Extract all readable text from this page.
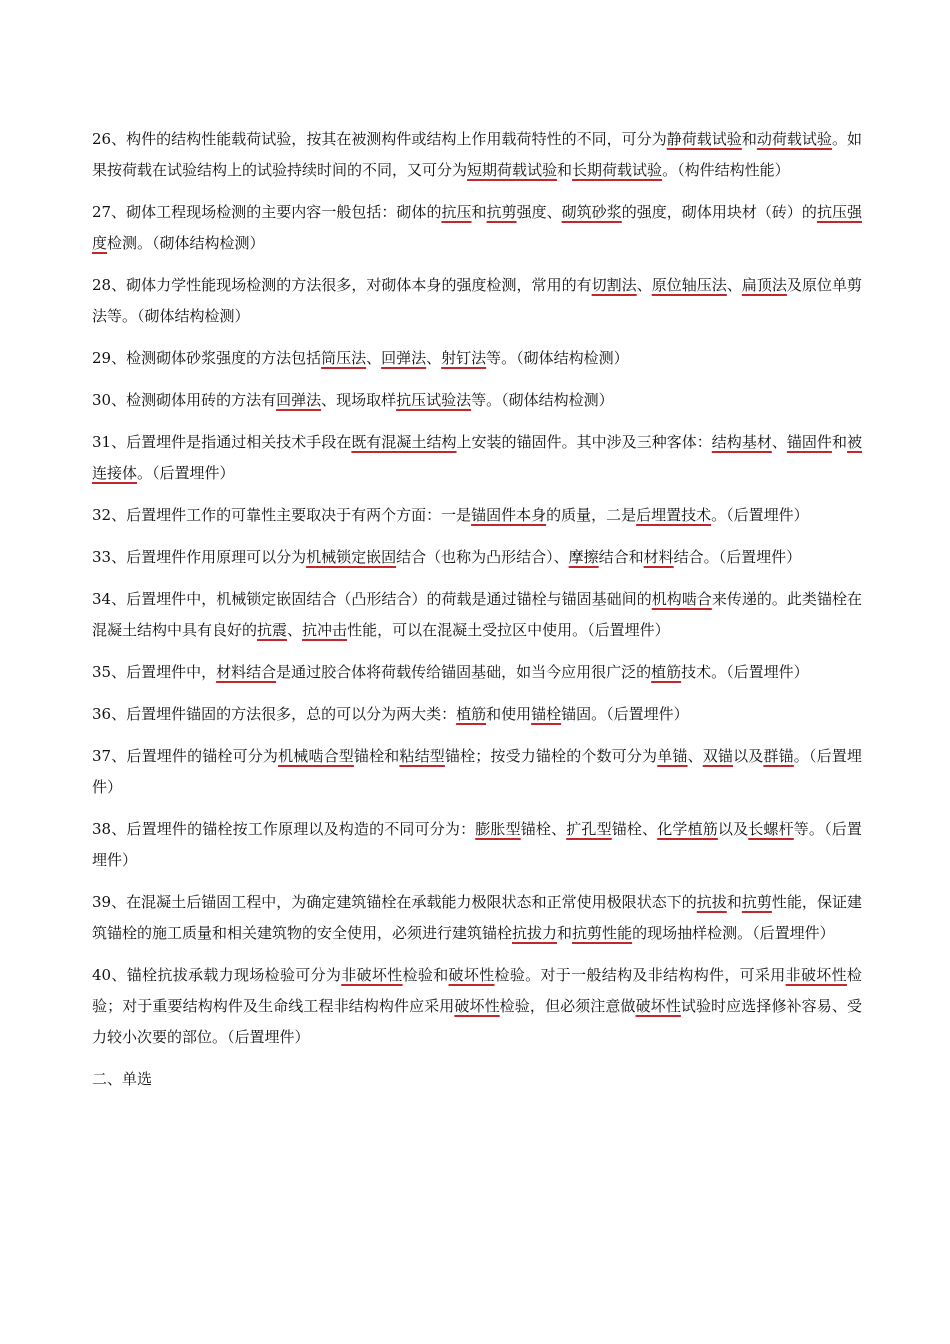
26、构件的结构性能载荷试验，按其在被测构件或结构上作用载荷特性的不同，可分为静荷载试验和动荷载试验。如果按荷载在试验结构上的试验持续时间的不同，又可分为短期荷载试验和长期荷载试验。（构件结构性能）

27、砌体工程现场检测的主要内容一般包括：砌体的抗压和抗剪强度、砌筑砂浆的强度，砌体用块材（砖）的抗压强度检测。（砌体结构检测）

28、砌体力学性能现场检测的方法很多，对砌体本身的强度检测，常用的有切割法、原位轴压法、扁顶法及原位单剪法等。（砌体结构检测）

29、检测砌体砂浆强度的方法包括筒压法、回弹法、射钉法等。（砌体结构检测）

30、检测砌体用砖的方法有回弹法、现场取样抗压试验法等。（砌体结构检测）

31、后置埋件是指通过相关技术手段在既有混凝土结构上安装的锚固件。其中涉及三种客体：结构基材、锚固件和被连接体。（后置埋件）

32、后置埋件工作的可靠性主要取决于有两个方面：一是锚固件本身的质量，二是后埋置技术。（后置埋件）

33、后置埋件作用原理可以分为机械锁定嵌固结合（也称为凸形结合）、摩擦结合和材料结合。（后置埋件）

34、后置埋件中，机械锁定嵌固结合（凸形结合）的荷载是通过锚栓与锚固基础间的机构啮合来传递的。此类锚栓在混凝土结构中具有良好的抗震、抗冲击性能，可以在混凝土受拉区中使用。（后置埋件）

35、后置埋件中，材料结合是通过胶合体将荷载传给锚固基础，如当今应用很广泛的植筋技术。（后置埋件）

36、后置埋件锚固的方法很多，总的可以分为两大类：植筋和使用锚栓锚固。（后置埋件）

37、后置埋件的锚栓可分为机械啮合型锚栓和粘结型锚栓；按受力锚栓的个数可分为单锚、双锚以及群锚。（后置埋件）

38、后置埋件的锚栓按工作原理以及构造的不同可分为：膨胀型锚栓、扩孔型锚栓、化学植筋以及长螺杆等。（后置埋件）

39、在混凝土后锚固工程中，为确定建筑锚栓在承载能力极限状态和正常使用极限状态下的抗拔和抗剪性能，保证建筑锚栓的施工质量和相关建筑物的安全使用，必须进行建筑锚栓抗拔力和抗剪性能的现场抽样检测。（后置埋件）

40、锚栓抗拔承载力现场检验可分为非破坏性检验和破坏性检验。对于一般结构及非结构构件，可采用非破坏性检验；对于重要结构构件及生命线工程非结构构件应采用破坏性检验，但必须注意做破坏性试验时应选择修补容易、受力较小次要的部位。（后置埋件）

二、单选
